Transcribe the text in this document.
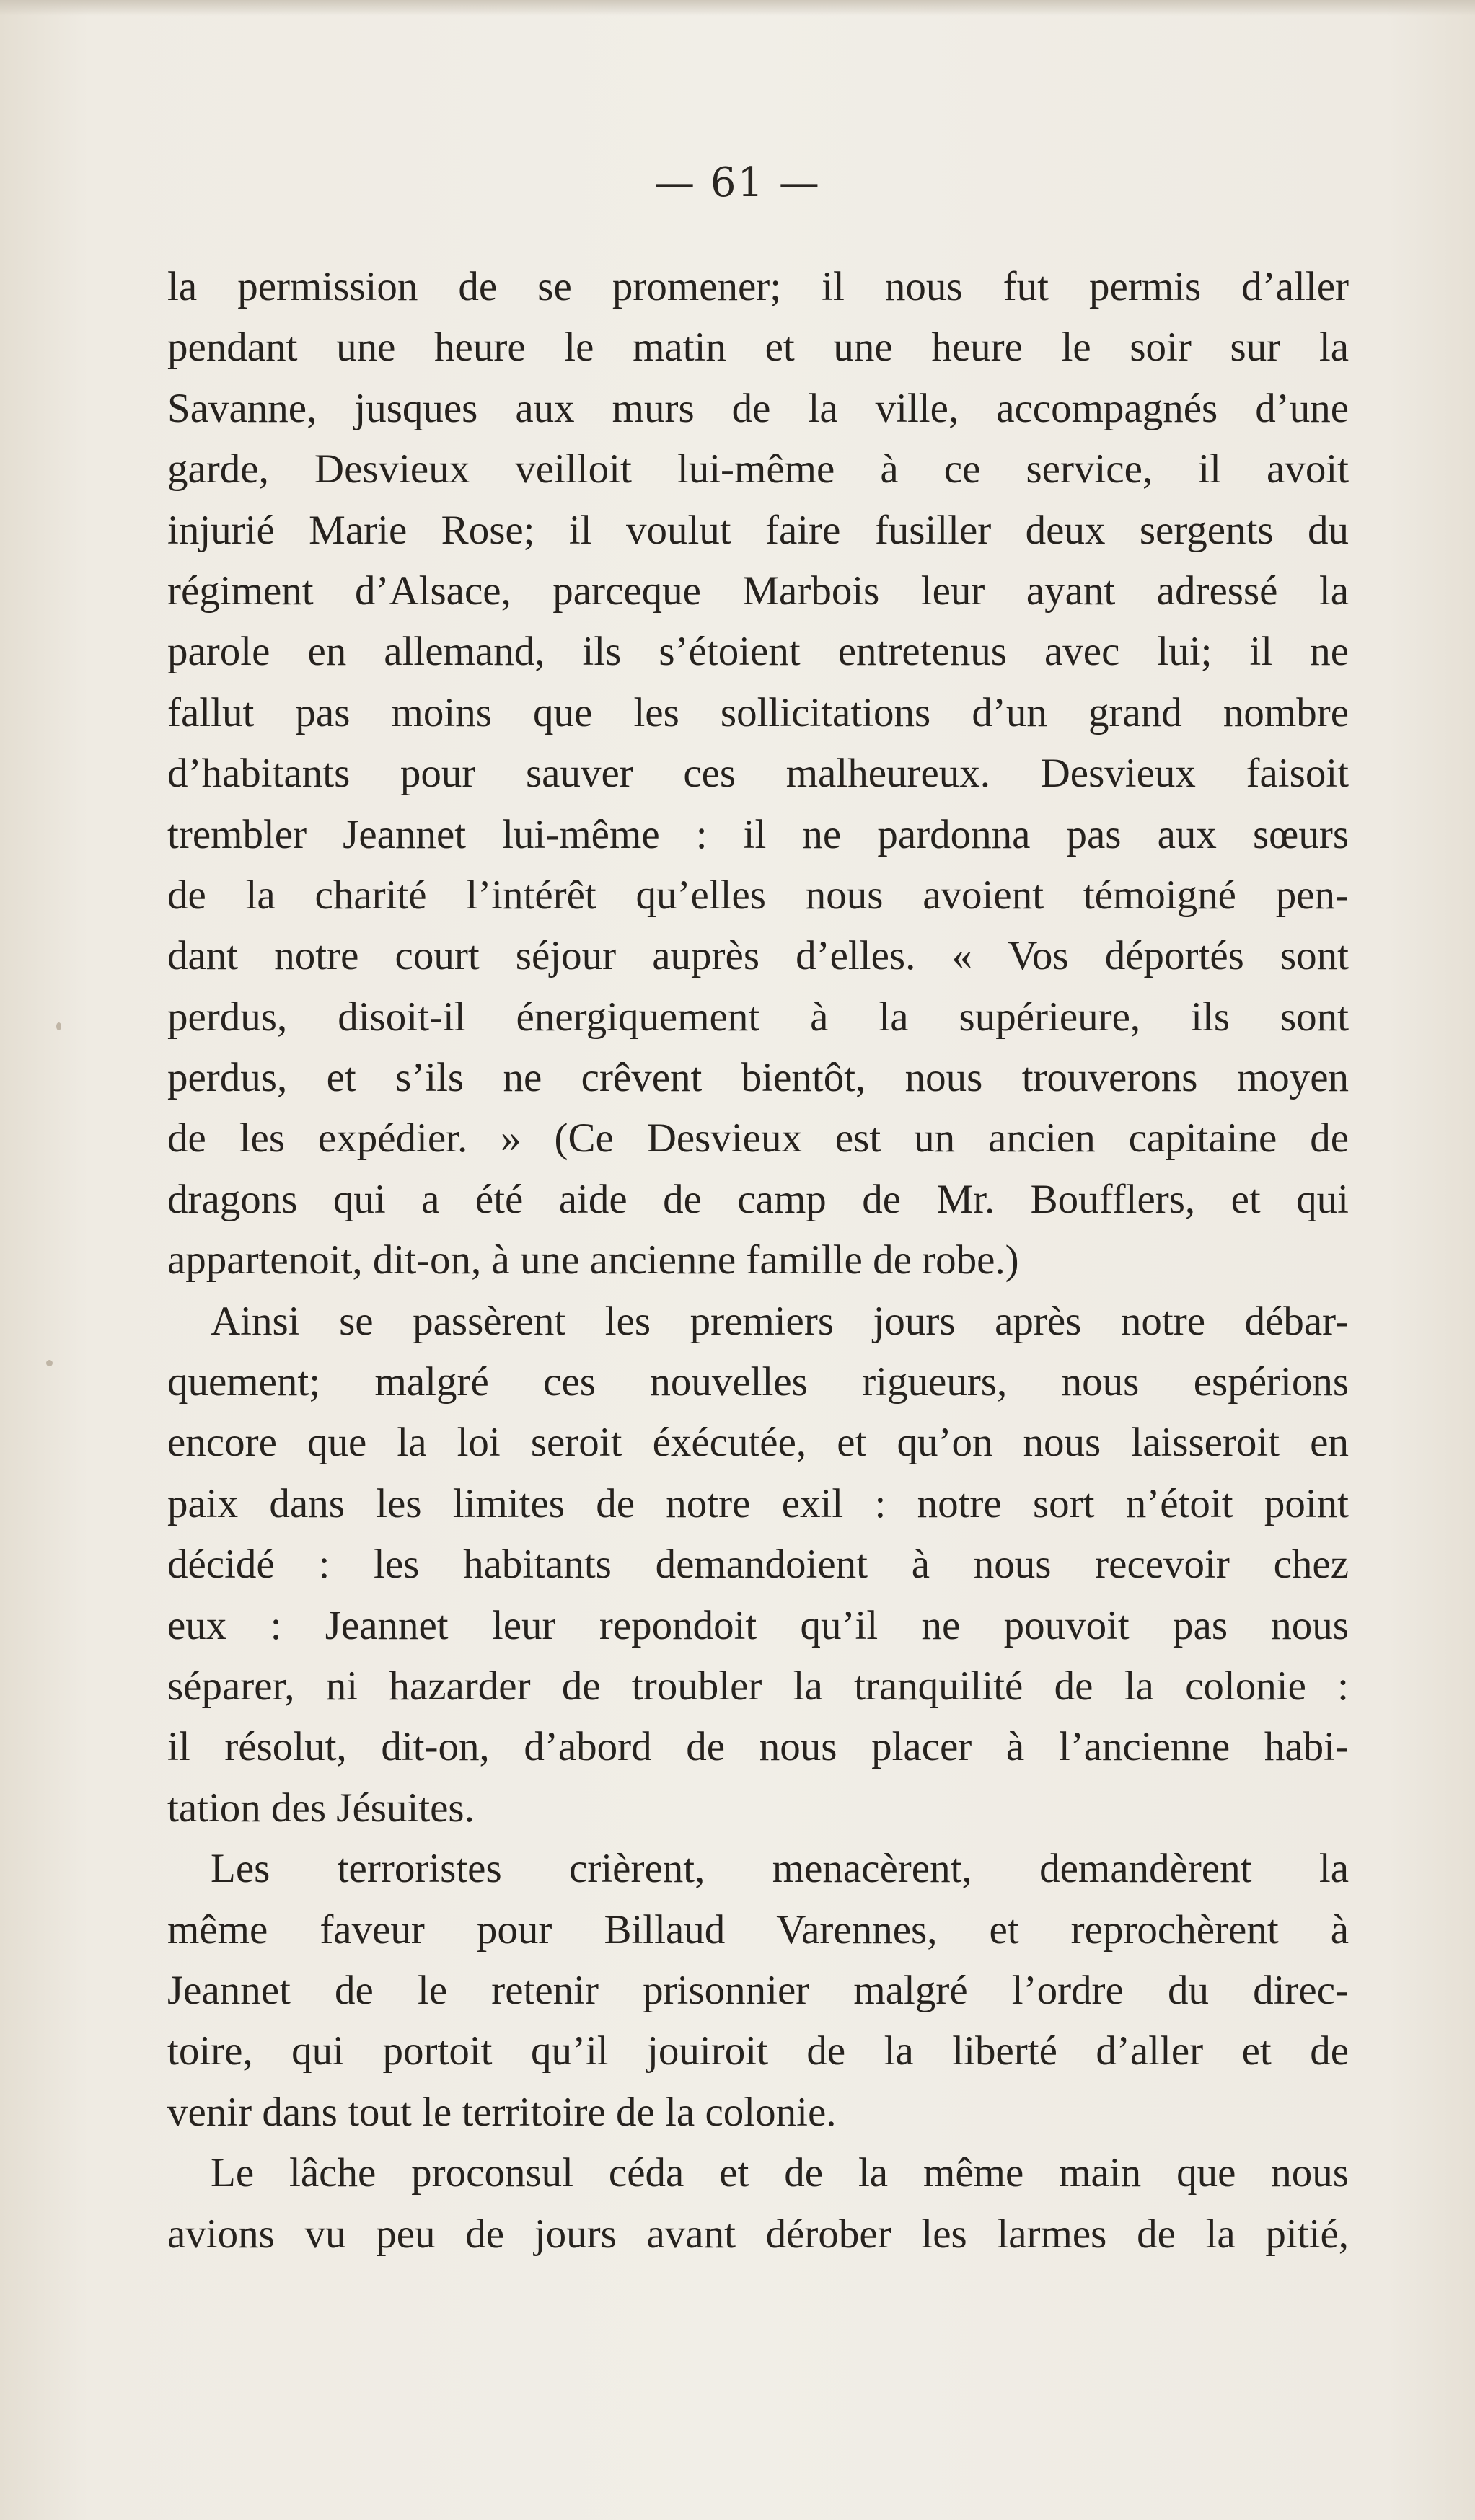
— 61 —
la permission de se promener; il nous fut permis d’aller
pendant une heure le matin et une heure le soir sur la
Savanne, jusques aux murs de la ville, accompagnés d’une
garde, Desvieux veilloit lui-même à ce service, il avoit
injurié Marie Rose; il voulut faire fusiller deux sergents du
régiment d’Alsace, parceque Marbois leur ayant adressé la
parole en allemand, ils s’étoient entretenus avec lui; il ne
fallut pas moins que les sollicitations d’un grand nombre
d’habitants pour sauver ces malheureux. Desvieux faisoit
trembler Jeannet lui-même : il ne pardonna pas aux sœurs
de la charité l’intérêt qu’elles nous avoient témoigné pen-
dant notre court séjour auprès d’elles. « Vos déportés sont
perdus, disoit-il énergiquement à la supérieure, ils sont
perdus, et s’ils ne crêvent bientôt, nous trouverons moyen
de les expédier. » (Ce Desvieux est un ancien capitaine de
dragons qui a été aide de camp de Mr. Boufflers, et qui
appartenoit, dit-on, à une ancienne famille de robe.)
Ainsi se passèrent les premiers jours après notre débar-
quement; malgré ces nouvelles rigueurs, nous espérions
encore que la loi seroit éxécutée, et qu’on nous laisseroit en
paix dans les limites de notre exil : notre sort n’étoit point
décidé : les habitants demandoient à nous recevoir chez
eux : Jeannet leur repondoit qu’il ne pouvoit pas nous
séparer, ni hazarder de troubler la tranquilité de la colonie :
il résolut, dit-on, d’abord de nous placer à l’ancienne habi-
tation des Jésuites.
Les terroristes crièrent, menacèrent, demandèrent la
même faveur pour Billaud Varennes, et reprochèrent à
Jeannet de le retenir prisonnier malgré l’ordre du direc-
toire, qui portoit qu’il jouiroit de la liberté d’aller et de
venir dans tout le territoire de la colonie.
Le lâche proconsul céda et de la même main que nous
avions vu peu de jours avant dérober les larmes de la pitié,
